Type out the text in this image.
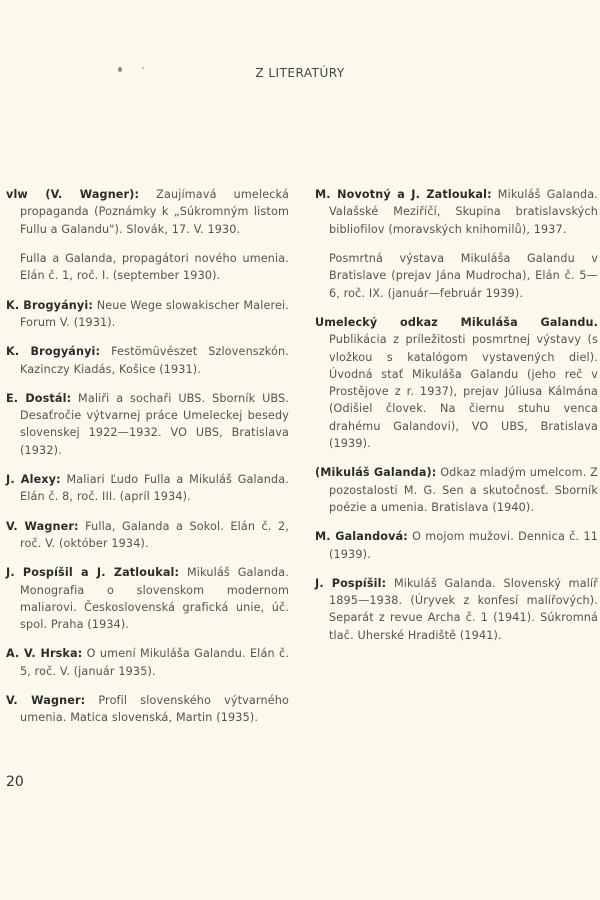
Z LITERATÚRY

vlw (V. Wagner): Zaujímavá umelecká propaganda (Poznámky k „Súkromným listom Fullu a Galandu"). Slovák, 17. V. 1930.

Fulla a Galanda, propagátori nového umenia. Elán č. 1, roč. I. (september 1930).

K. Brogyányi: Neue Wege slowakischer Malerei. Forum V. (1931).

K. Brogyányi: Festömüvészet Szlovenszkón. Kazinczy Kiadás, Košice (1931).

E. Dostál: Maliři a sochaři UBS. Sborník UBS. Desaťročie výtvarnej práce Umeleckej besedy slovenskej 1922—1932. VO UBS, Bratislava (1932).

J. Alexy: Maliari Ľudo Fulla a Mikuláš Galanda. Elán č. 8, roč. III. (apríl 1934).

V. Wagner: Fulla, Galanda a Sokol. Elán č. 2, roč. V. (október 1934).

J. Pospíšil a J. Zatloukal: Mikuláš Galanda. Monografia o slovenskom modernom maliarovi. Československá grafická unie, úč. spol. Praha (1934).

A. V. Hrska: O umení Mikuláša Galandu. Elán č. 5, roč. V. (január 1935).

V. Wagner: Profil slovenského výtvarného umenia. Matica slovenská, Martin (1935).

M. Novotný a J. Zatloukal: Mikuláš Galanda. Valašské Meziříčí, Skupina bratislavských bibliofilov (moravských knihomilů), 1937.

Posmrtná výstava Mikuláša Galandu v Bratislave (prejav Jána Mudrocha), Elán č. 5—6, roč. IX. (január—február 1939).

Umelecký odkaz Mikuláša Galandu. Publikácia z príležitosti posmrtnej výstavy (s vložkou s katalógom vystavených diel). Úvodná stať Mikuláša Galandu (jeho reč v Prostějove z r. 1937), prejav Júliusa Kálmána (Odišiel človek. Na čiernu stuhu venca drahému Galandovi), VO UBS, Bratislava (1939).

(Mikuláš Galanda): Odkaz mladým umelcom. Z pozostalosti M. G. Sen a skutočnosť. Sborník poézie a umenia. Bratislava (1940).

M. Galandová: O mojom mužovi. Dennica č. 11 (1939).

J. Pospíšil: Mikuláš Galanda. Slovenský malíř 1895—1938. (Úryvek z konfesí malířových). Separát z revue Archa č. 1 (1941). Súkromná tlač. Uherské Hradiště (1941).

20
